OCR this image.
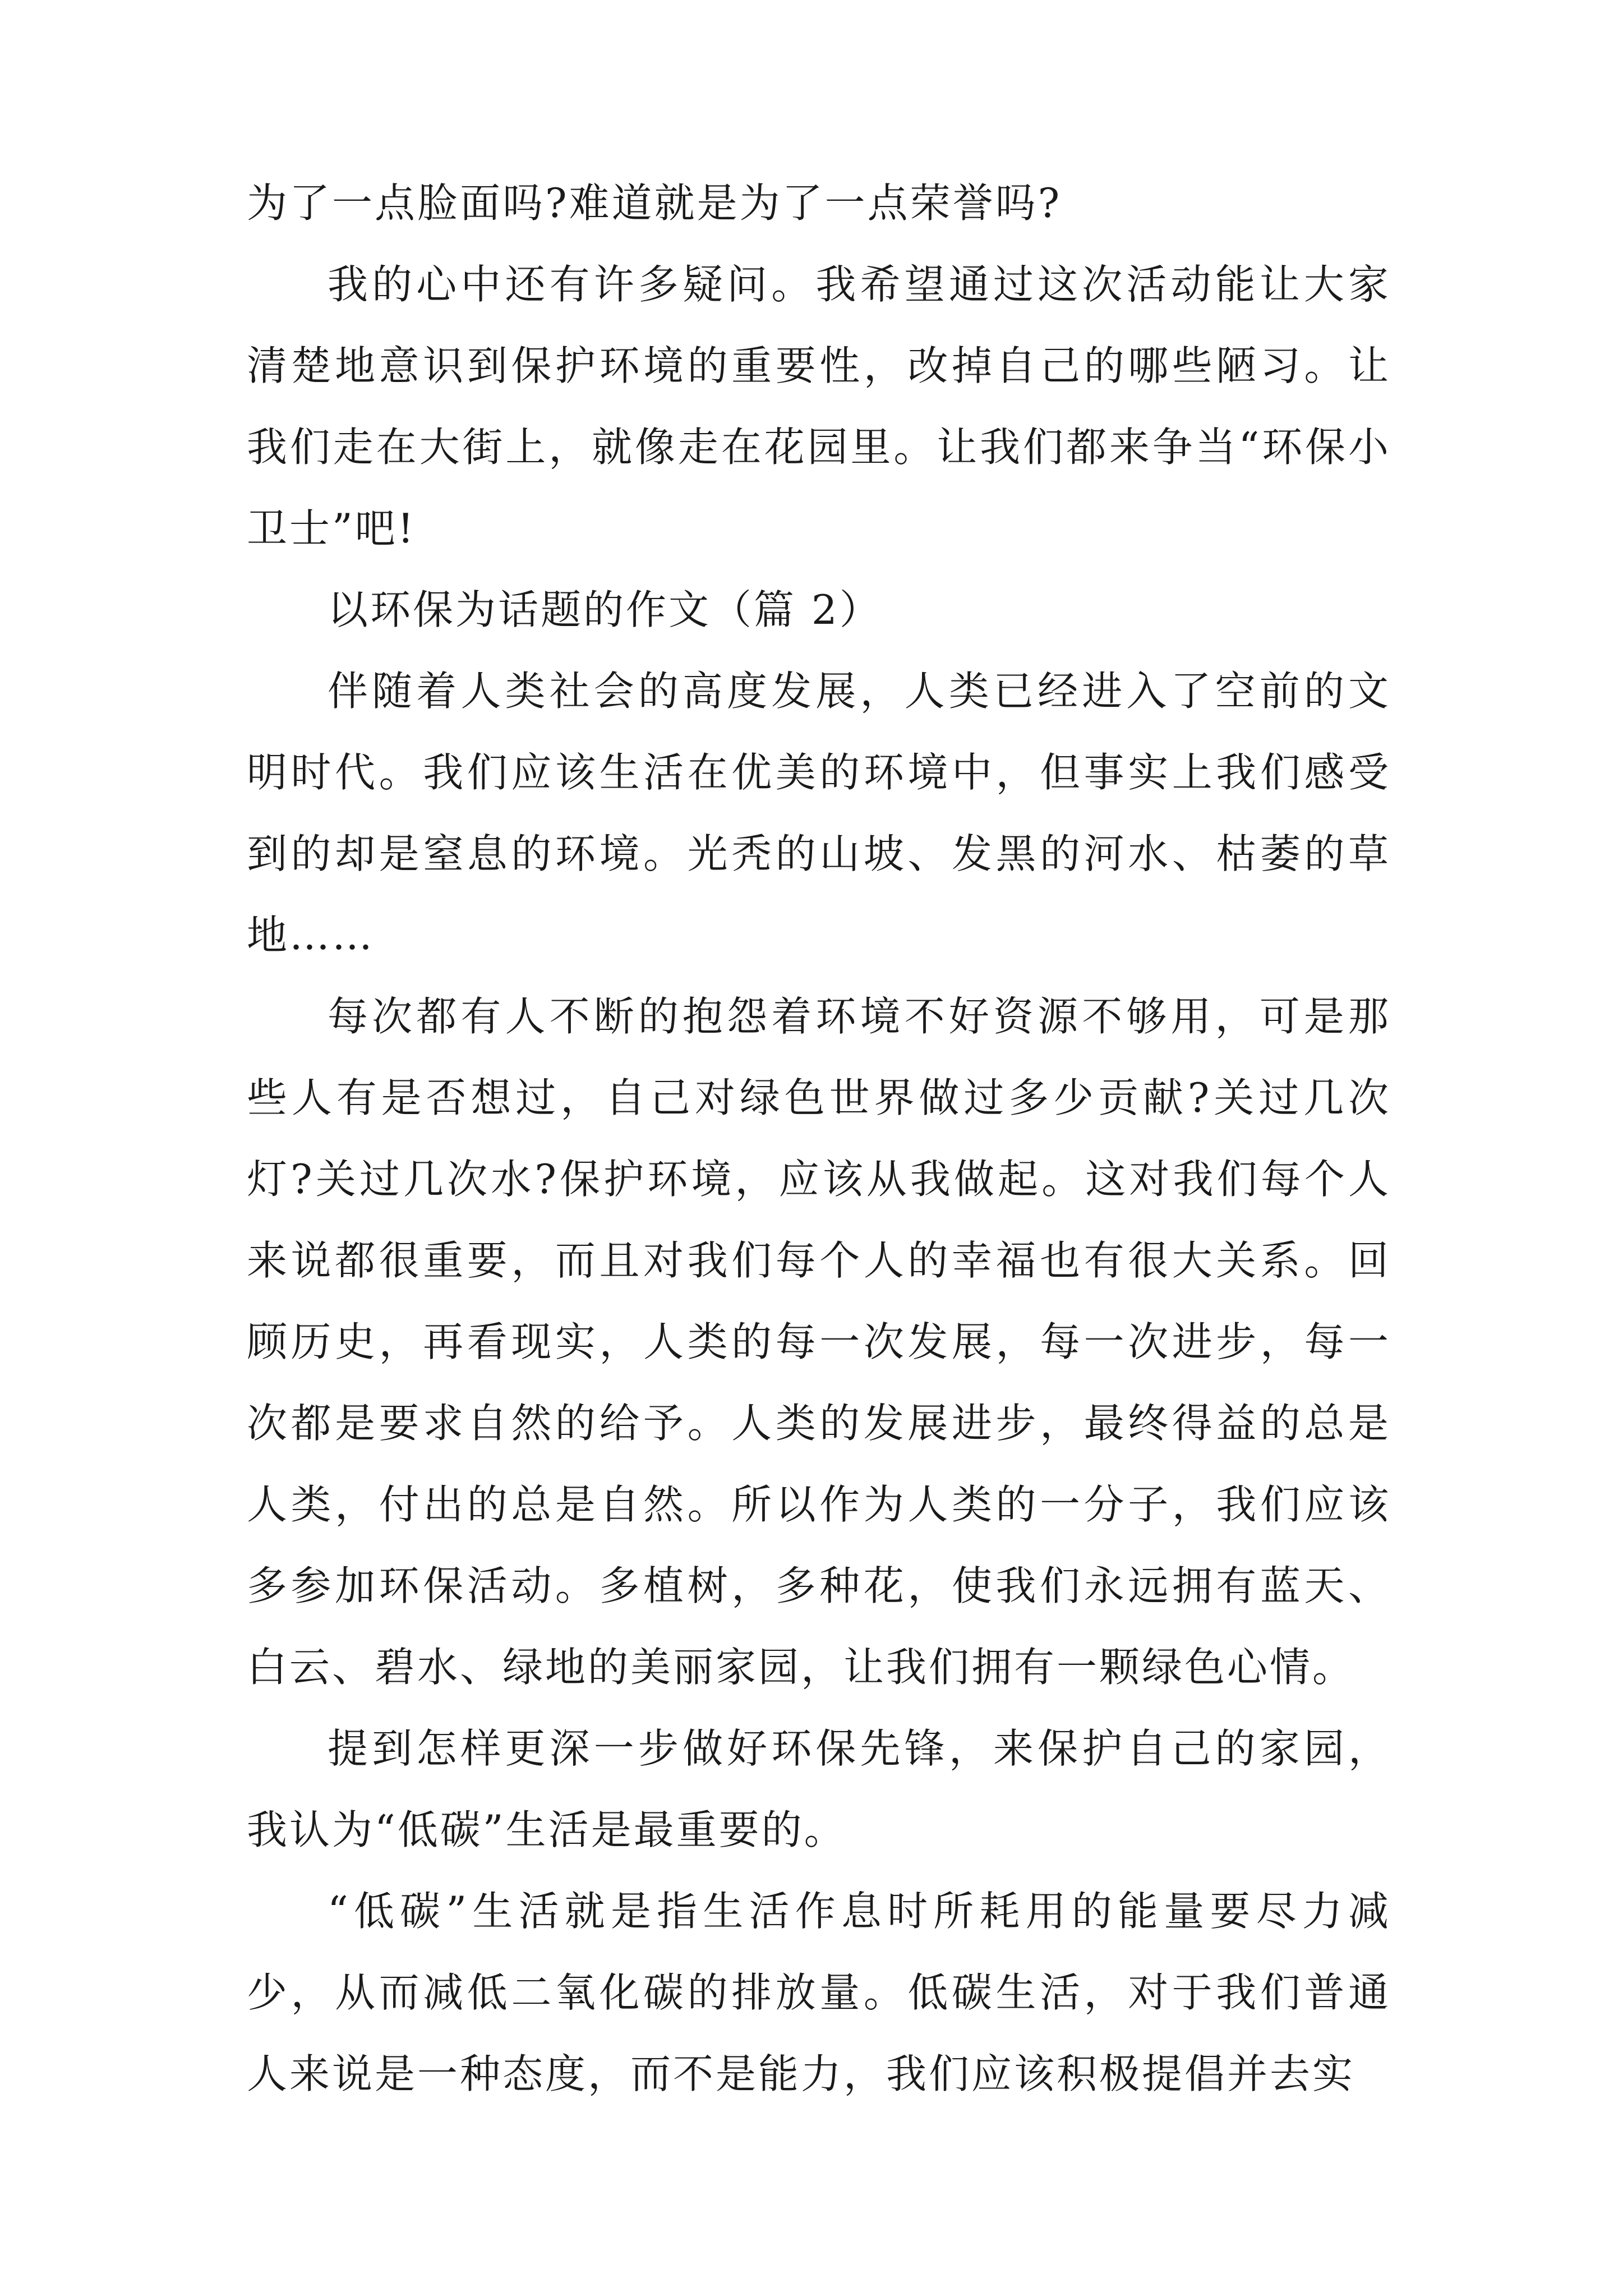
为了一点脸面吗?难道就是为了一点荣誉吗?

我的心中还有许多疑问。我希望通过这次活动能让大家清楚地意识到保护环境的重要性，改掉自己的哪些陋习。让我们走在大街上，就像走在花园里。让我们都来争当“环保小卫士”吧!

以环保为话题的作文（篇 2）

伴随着人类社会的高度发展，人类已经进入了空前的文明时代。我们应该生活在优美的环境中，但事实上我们感受到的却是窒息的环境。光秃的山坡、发黑的河水、枯萎的草地……

每次都有人不断的抱怨着环境不好资源不够用，可是那些人有是否想过，自己对绿色世界做过多少贡献?关过几次灯?关过几次水?保护环境，应该从我做起。这对我们每个人来说都很重要，而且对我们每个人的幸福也有很大关系。回顾历史，再看现实，人类的每一次发展，每一次进步，每一次都是要求自然的给予。人类的发展进步，最终得益的总是人类，付出的总是自然。所以作为人类的一分子，我们应该多参加环保活动。多植树，多种花，使我们永远拥有蓝天、白云、碧水、绿地的美丽家园，让我们拥有一颗绿色心情。

提到怎样更深一步做好环保先锋，来保护自己的家园，我认为“低碳”生活是最重要的。

“低碳”生活就是指生活作息时所耗用的能量要尽力减少，从而减低二氧化碳的排放量。低碳生活，对于我们普通人来说是一种态度，而不是能力，我们应该积极提倡并去实
